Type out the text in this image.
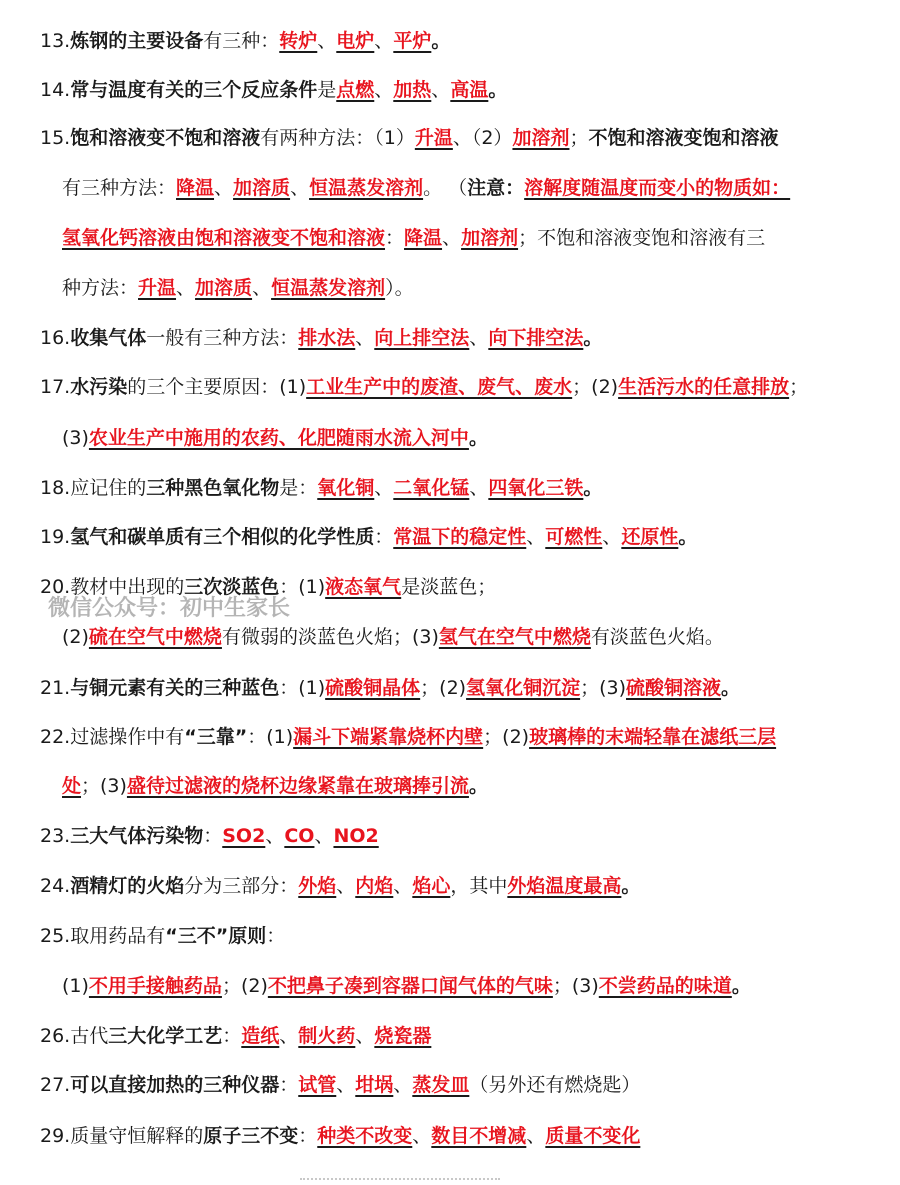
13.炼钢的主要设备有三种：转炉、电炉、平炉。
14.常与温度有关的三个反应条件是点燃、加热、高温。
15.饱和溶液变不饱和溶液有两种方法：（1）升温、（2）加溶剂；不饱和溶液变饱和溶液
有三种方法：降温、加溶质、恒温蒸发溶剂。 （注意：溶解度随温度而变小的物质如：
氢氧化钙溶液由饱和溶液变不饱和溶液：降温、加溶剂；不饱和溶液变饱和溶液有三
种方法：升温、加溶质、恒温蒸发溶剂）。
16.收集气体一般有三种方法：排水法、向上排空法、向下排空法。
17.水污染的三个主要原因：(1)工业生产中的废渣、废气、废水；(2)生活污水的任意排放；
(3)农业生产中施用的农药、化肥随雨水流入河中。
18.应记住的三种黑色氧化物是：氧化铜、二氧化锰、四氧化三铁。
19.氢气和碳单质有三个相似的化学性质：常温下的稳定性、可燃性、还原性。
20.教材中出现的三次淡蓝色：(1)液态氧气是淡蓝色；
(2)硫在空气中燃烧有微弱的淡蓝色火焰；(3)氢气在空气中燃烧有淡蓝色火焰。
21.与铜元素有关的三种蓝色：(1)硫酸铜晶体；(2)氢氧化铜沉淀；(3)硫酸铜溶液。
22.过滤操作中有“三靠”：(1)漏斗下端紧靠烧杯内壁；(2)玻璃棒的末端轻靠在滤纸三层
处；(3)盛待过滤液的烧杯边缘紧靠在玻璃捧引流。
23.三大气体污染物：SO2、CO、NO2
24.酒精灯的火焰分为三部分：外焰、内焰、焰心，其中外焰温度最高。
25.取用药品有“三不”原则：
(1)不用手接触药品；(2)不把鼻子凑到容器口闻气体的气味；(3)不尝药品的味道。
26.古代三大化学工艺：造纸、制火药、烧瓷器
27.可以直接加热的三种仪器：试管、坩埚、蒸发皿（另外还有燃烧匙）
29.质量守恒解释的原子三不变：种类不改变、数目不增减、质量不变化
微信公众号：初中生家长
